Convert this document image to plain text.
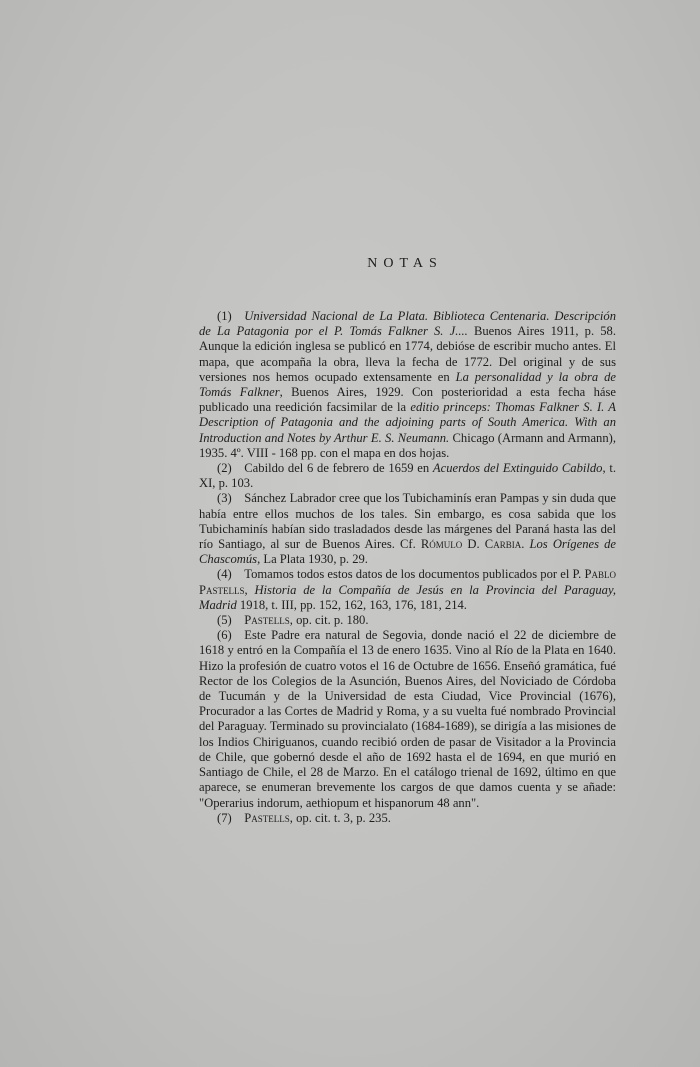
NOTAS

(1)  Universidad Nacional de La Plata. Biblioteca Centenaria. Descripción de La Patagonia por el P. Tomás Falkner S. J.... Buenos Aires 1911, p. 58. Aunque la edición inglesa se publicó en 1774, debióse de escribir mucho antes. El mapa, que acompaña la obra, lleva la fecha de 1772. Del original y de sus versiones nos hemos ocupado extensamente en La personalidad y la obra de Tomás Falkner, Buenos Aires, 1929. Con posterioridad a esta fecha háse publicado una reedición facsimilar de la editio princeps: Thomas Falkner S. I. A Description of Patagonia and the adjoining parts of South America. With an Introduction and Notes by Arthur E. S. Neumann. Chicago (Armann and Armann), 1935. 4º. VIII - 168 pp. con el mapa en dos hojas.

(2)  Cabildo del 6 de febrero de 1659 en Acuerdos del Extinguido Cabildo, t. XI, p. 103.

(3)  Sánchez Labrador cree que los Tubichaminís eran Pampas y sin duda que había entre ellos muchos de los tales. Sin embargo, es cosa sabida que los Tubichaminís habían sido trasladados desde las márgenes del Paraná hasta las del río Santiago, al sur de Buenos Aires. Cf. Rómulo D. Carbia. Los Orígenes de Chascomús, La Plata 1930, p. 29.

(4)  Tomamos todos estos datos de los documentos publicados por el P. Pablo Pastells, Historia de la Compañía de Jesús en la Provincia del Paraguay, Madrid 1918, t. III, pp. 152, 162, 163, 176, 181, 214.

(5)  Pastells, op. cit. p. 180.

(6)  Este Padre era natural de Segovia, donde nació el 22 de diciembre de 1618 y entró en la Compañía el 13 de enero 1635. Vino al Río de la Plata en 1640. Hizo la profesión de cuatro votos el 16 de Octubre de 1656. Enseñó gramática, fué Rector de los Colegios de la Asunción, Buenos Aires, del Noviciado de Córdoba de Tucumán y de la Universidad de esta Ciudad, Vice Provincial (1676), Procurador a las Cortes de Madrid y Roma, y a su vuelta fué nombrado Provincial del Paraguay. Terminado su provincialato (1684-1689), se dirigía a las misiones de los Indios Chiriguanos, cuando recibió orden de pasar de Visitador a la Provincia de Chile, que gobernó desde el año de 1692 hasta el de 1694, en que murió en Santiago de Chile, el 28 de Marzo. En el catálogo trienal de 1692, último en que aparece, se enumeran brevemente los cargos de que damos cuenta y se añade: "Operarius indorum, aethiopum et hispanorum 48 ann".

(7)  Pastells, op. cit. t. 3, p. 235.
